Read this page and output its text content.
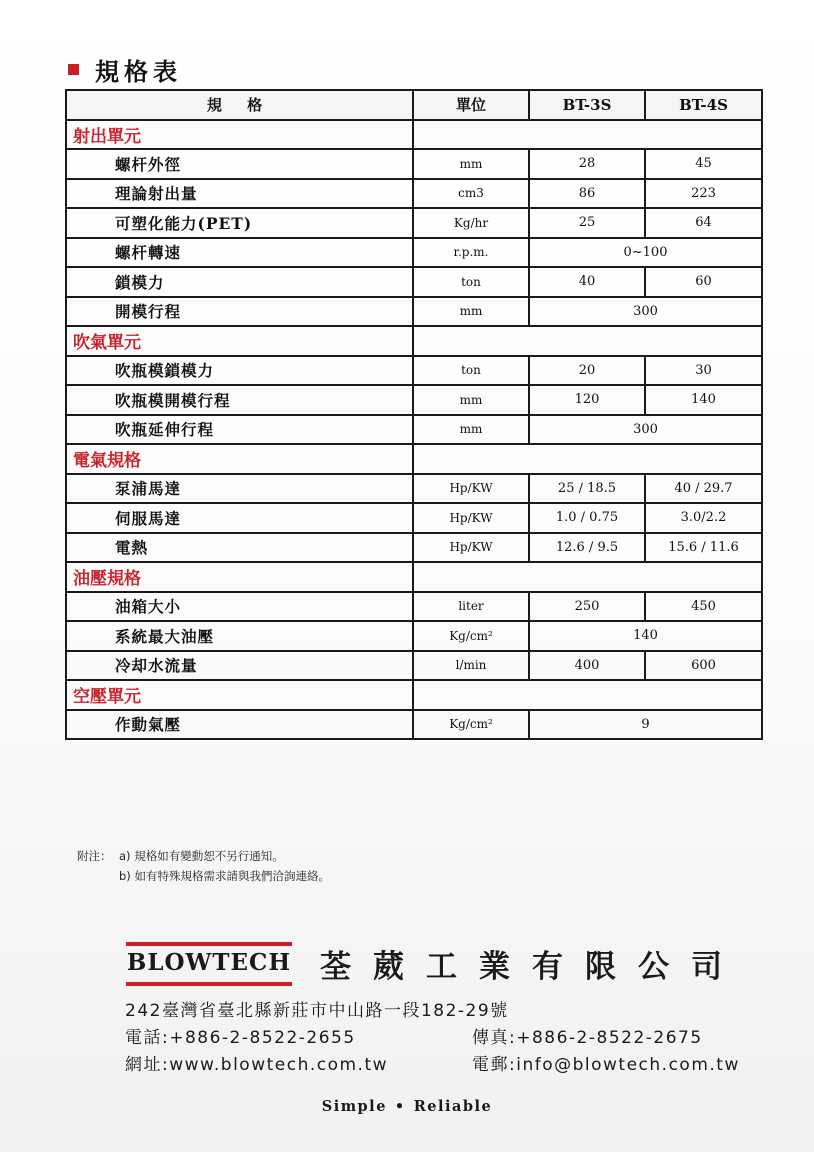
規格表
規 格	單位	BT-3S	BT-4S
射出單元			
螺杆外徑	mm	28	45
理論射出量	cm3	86	223
可塑化能力(PET)	Kg/hr	25	64
螺杆轉速	r.p.m.	0~100	
鎖模力	ton	40	60
開模行程	mm	300	
吹氣單元			
吹瓶模鎖模力	ton	20	30
吹瓶模開模行程	mm	120	140
吹瓶延伸行程	mm	300	
電氣規格			
泵浦馬達	Hp/KW	25 / 18.5	40 / 29.7
伺服馬達	Hp/KW	1.0 / 0.75	3.0/2.2
電熱	Hp/KW	12.6 / 9.5	15.6 / 11.6
油壓規格			
油箱大小	liter	250	450
系統最大油壓	Kg/cm²	140	
冷却水流量	l/min	400	600
空壓單元			
作動氣壓	Kg/cm²	9	
附注： a) 規格如有變動恕不另行通知。
b) 如有特殊規格需求請與我們洽詢連絡。
BLOWTECH 荃葳工業有限公司
242臺灣省臺北縣新莊市中山路一段182-29號
電話:+886-2-8522-2655	傳真:+886-2-8522-2675
網址:www.blowtech.com.tw	電郵:info@blowtech.com.tw
Simple • Reliable
